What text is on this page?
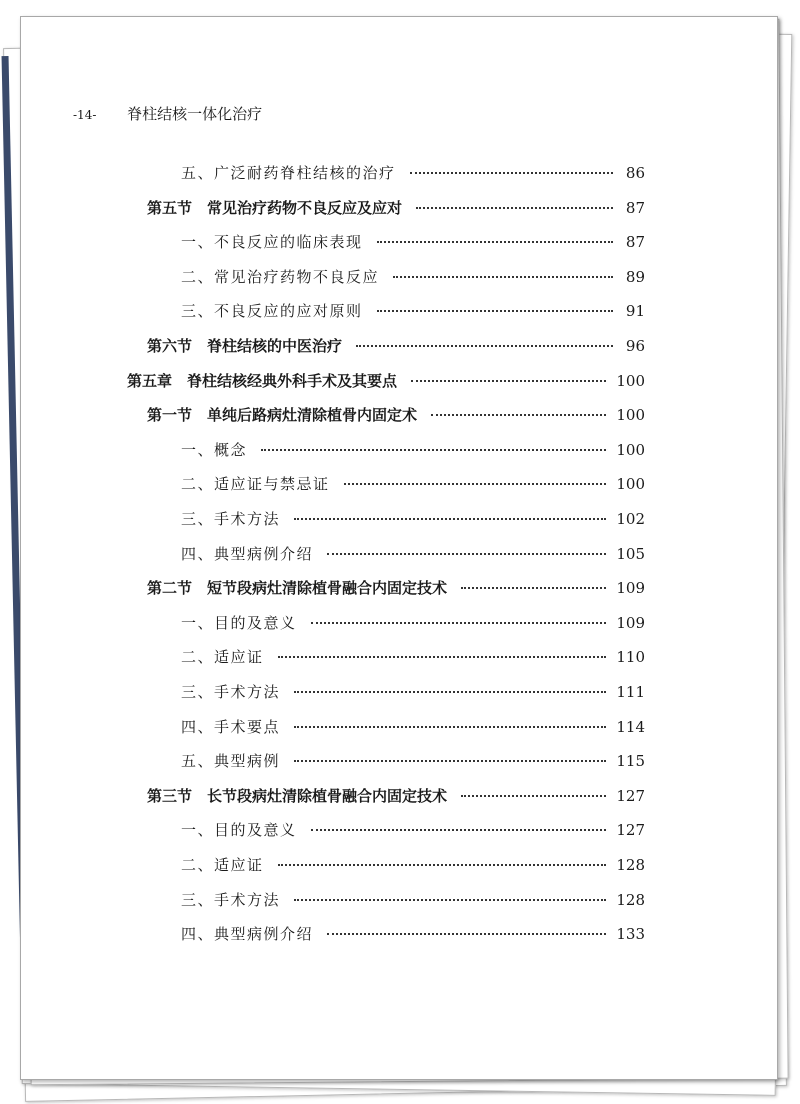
-14- 脊柱结核一体化治疗
五、广泛耐药脊柱结核的治疗	86
第五节　常见治疗药物不良反应及应对	87
一、不良反应的临床表现	87
二、常见治疗药物不良反应	89
三、不良反应的应对原则	91
第六节　脊柱结核的中医治疗	96
第五章　脊柱结核经典外科手术及其要点	100
第一节　单纯后路病灶清除植骨内固定术	100
一、概念	100
二、适应证与禁忌证	100
三、手术方法	102
四、典型病例介绍	105
第二节　短节段病灶清除植骨融合内固定技术	109
一、目的及意义	109
二、适应证	110
三、手术方法	111
四、手术要点	114
五、典型病例	115
第三节　长节段病灶清除植骨融合内固定技术	127
一、目的及意义	127
二、适应证	128
三、手术方法	128
四、典型病例介绍	133
